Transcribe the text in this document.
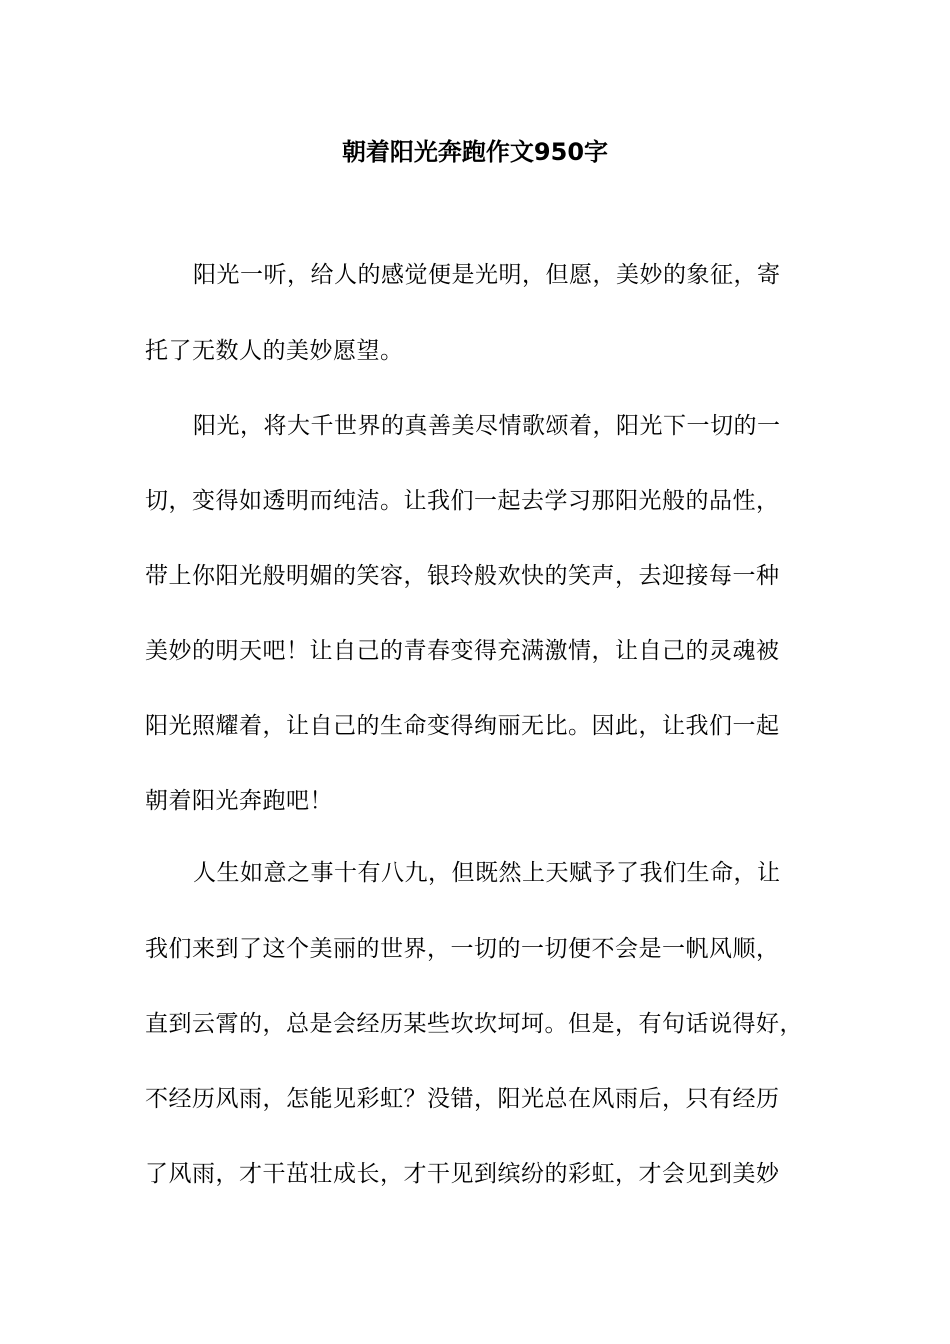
朝着阳光奔跑作文950字
阳光一听，给人的感觉便是光明，但愿，美妙的象征，寄
托了无数人的美妙愿望。
阳光，将大千世界的真善美尽情歌颂着，阳光下一切的一
切，变得如透明而纯洁。让我们一起去学习那阳光般的品性，
带上你阳光般明媚的笑容，银玲般欢快的笑声，去迎接每一种
美妙的明天吧！让自己的青春变得充满激情，让自己的灵魂被
阳光照耀着，让自己的生命变得绚丽无比。因此，让我们一起
朝着阳光奔跑吧！
人生如意之事十有八九，但既然上天赋予了我们生命，让
我们来到了这个美丽的世界，一切的一切便不会是一帆风顺，
直到云霄的，总是会经历某些坎坎坷坷。但是，有句话说得好，
不经历风雨，怎能见彩虹？没错，阳光总在风雨后，只有经历
了风雨，才干茁壮成长，才干见到缤纷的彩虹，才会见到美妙
